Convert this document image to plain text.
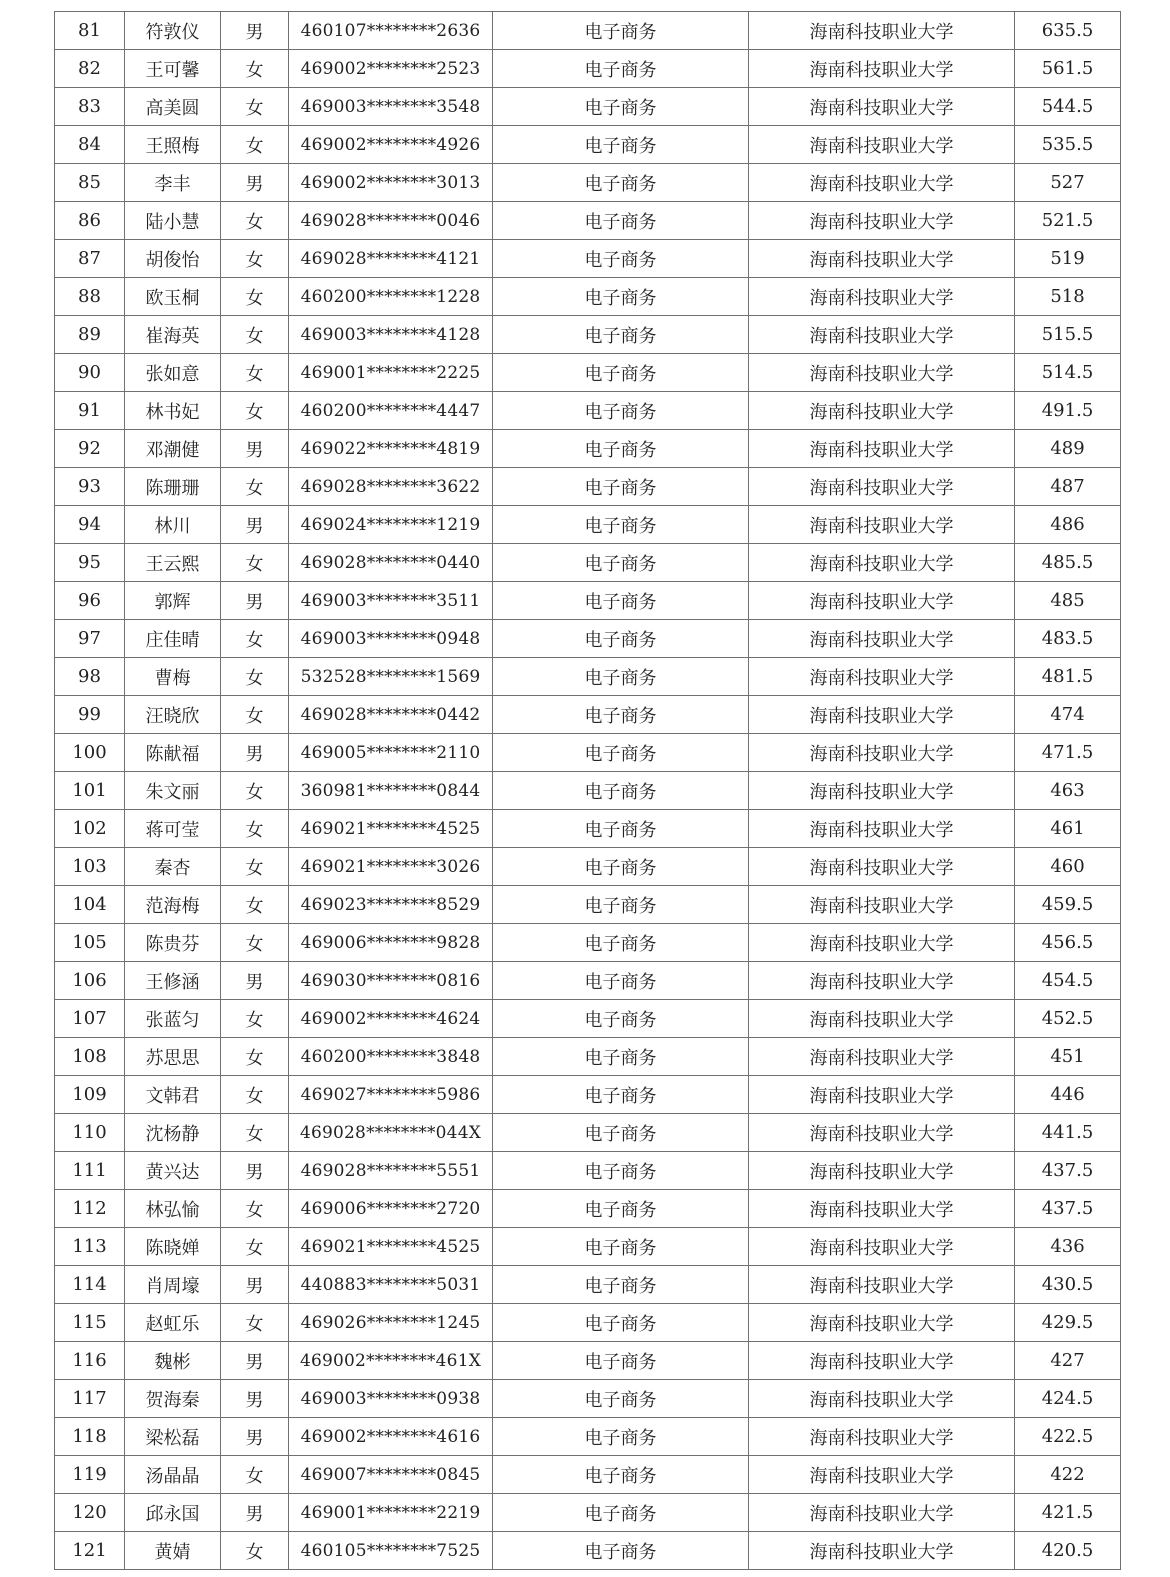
81	符敦仪	男	460107********2636	电子商务	海南科技职业大学	635.5
82	王可馨	女	469002********2523	电子商务	海南科技职业大学	561.5
83	高美圆	女	469003********3548	电子商务	海南科技职业大学	544.5
84	王照梅	女	469002********4926	电子商务	海南科技职业大学	535.5
85	李丰	男	469002********3013	电子商务	海南科技职业大学	527
86	陆小慧	女	469028********0046	电子商务	海南科技职业大学	521.5
87	胡俊怡	女	469028********4121	电子商务	海南科技职业大学	519
88	欧玉桐	女	460200********1228	电子商务	海南科技职业大学	518
89	崔海英	女	469003********4128	电子商务	海南科技职业大学	515.5
90	张如意	女	469001********2225	电子商务	海南科技职业大学	514.5
91	林书妃	女	460200********4447	电子商务	海南科技职业大学	491.5
92	邓潮健	男	469022********4819	电子商务	海南科技职业大学	489
93	陈珊珊	女	469028********3622	电子商务	海南科技职业大学	487
94	林川	男	469024********1219	电子商务	海南科技职业大学	486
95	王云熙	女	469028********0440	电子商务	海南科技职业大学	485.5
96	郭辉	男	469003********3511	电子商务	海南科技职业大学	485
97	庄佳晴	女	469003********0948	电子商务	海南科技职业大学	483.5
98	曹梅	女	532528********1569	电子商务	海南科技职业大学	481.5
99	汪晓欣	女	469028********0442	电子商务	海南科技职业大学	474
100	陈献福	男	469005********2110	电子商务	海南科技职业大学	471.5
101	朱文丽	女	360981********0844	电子商务	海南科技职业大学	463
102	蒋可莹	女	469021********4525	电子商务	海南科技职业大学	461
103	秦杏	女	469021********3026	电子商务	海南科技职业大学	460
104	范海梅	女	469023********8529	电子商务	海南科技职业大学	459.5
105	陈贵芬	女	469006********9828	电子商务	海南科技职业大学	456.5
106	王修涵	男	469030********0816	电子商务	海南科技职业大学	454.5
107	张蓝匀	女	469002********4624	电子商务	海南科技职业大学	452.5
108	苏思思	女	460200********3848	电子商务	海南科技职业大学	451
109	文韩君	女	469027********5986	电子商务	海南科技职业大学	446
110	沈杨静	女	469028********044X	电子商务	海南科技职业大学	441.5
111	黄兴达	男	469028********5551	电子商务	海南科技职业大学	437.5
112	林弘愉	女	469006********2720	电子商务	海南科技职业大学	437.5
113	陈晓婵	女	469021********4525	电子商务	海南科技职业大学	436
114	肖周壕	男	440883********5031	电子商务	海南科技职业大学	430.5
115	赵虹乐	女	469026********1245	电子商务	海南科技职业大学	429.5
116	魏彬	男	469002********461X	电子商务	海南科技职业大学	427
117	贺海秦	男	469003********0938	电子商务	海南科技职业大学	424.5
118	梁松磊	男	469002********4616	电子商务	海南科技职业大学	422.5
119	汤晶晶	女	469007********0845	电子商务	海南科技职业大学	422
120	邱永国	男	469001********2219	电子商务	海南科技职业大学	421.5
121	黄婧	女	460105********7525	电子商务	海南科技职业大学	420.5
